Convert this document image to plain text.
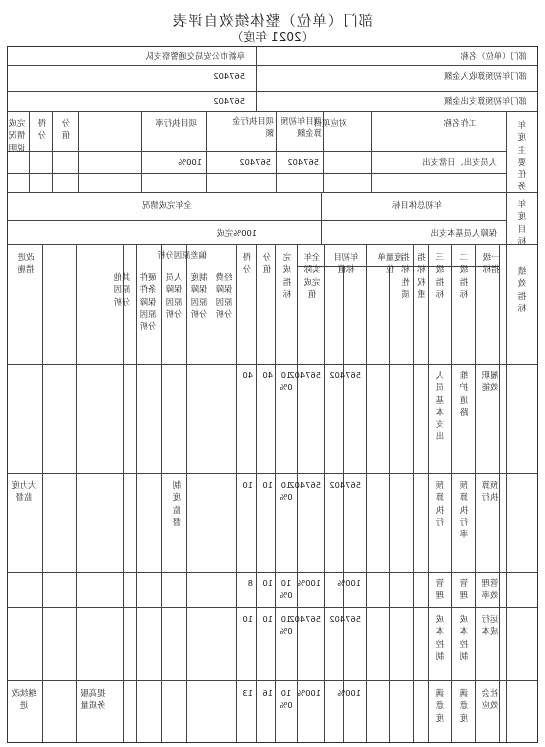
部门（单位）整体绩效自评表
（2021 年度）
部门（单位）名称
阜新市公安局交通警察支队
部门年初预算收入金额
567402
部门年初预算支出金额
567402
年度主要任务
工作名称
对应项目
项目年初预算金额
项目执行金额
项目执行率
分值
得分
完成情况说明
人员支出、日常支出
567402
567402
100%
年度目标
年初总体目标
全年完成情况
保障人员基本支出
100%完成
绩效指标
一级指标
二级指标
三级指标
指标权重
指标性质
度量单位
年初目标值
全年实际完成值
完成指标
分值
得分
偏差原因分析
经费保障原因分析
制度保障原因分析
人员保障原因分析
硬件条件保障原因分析
其他原因分析
改进措施
履职效能
维护道路
人员基本支出
567402
567402
100%
40
40
预算执行
预算执行率
预算执行
567402
567402
100%
10
10
制度监督
大力度监督
管理效率
管理
管理
100%
100%
100%
10
8
运行成本
成本控制
成本控制
567402
567402
100%
10
10
社会效应
满意度
满意度
100%
100%
100%
16
13
提高服务质量
继续改进
